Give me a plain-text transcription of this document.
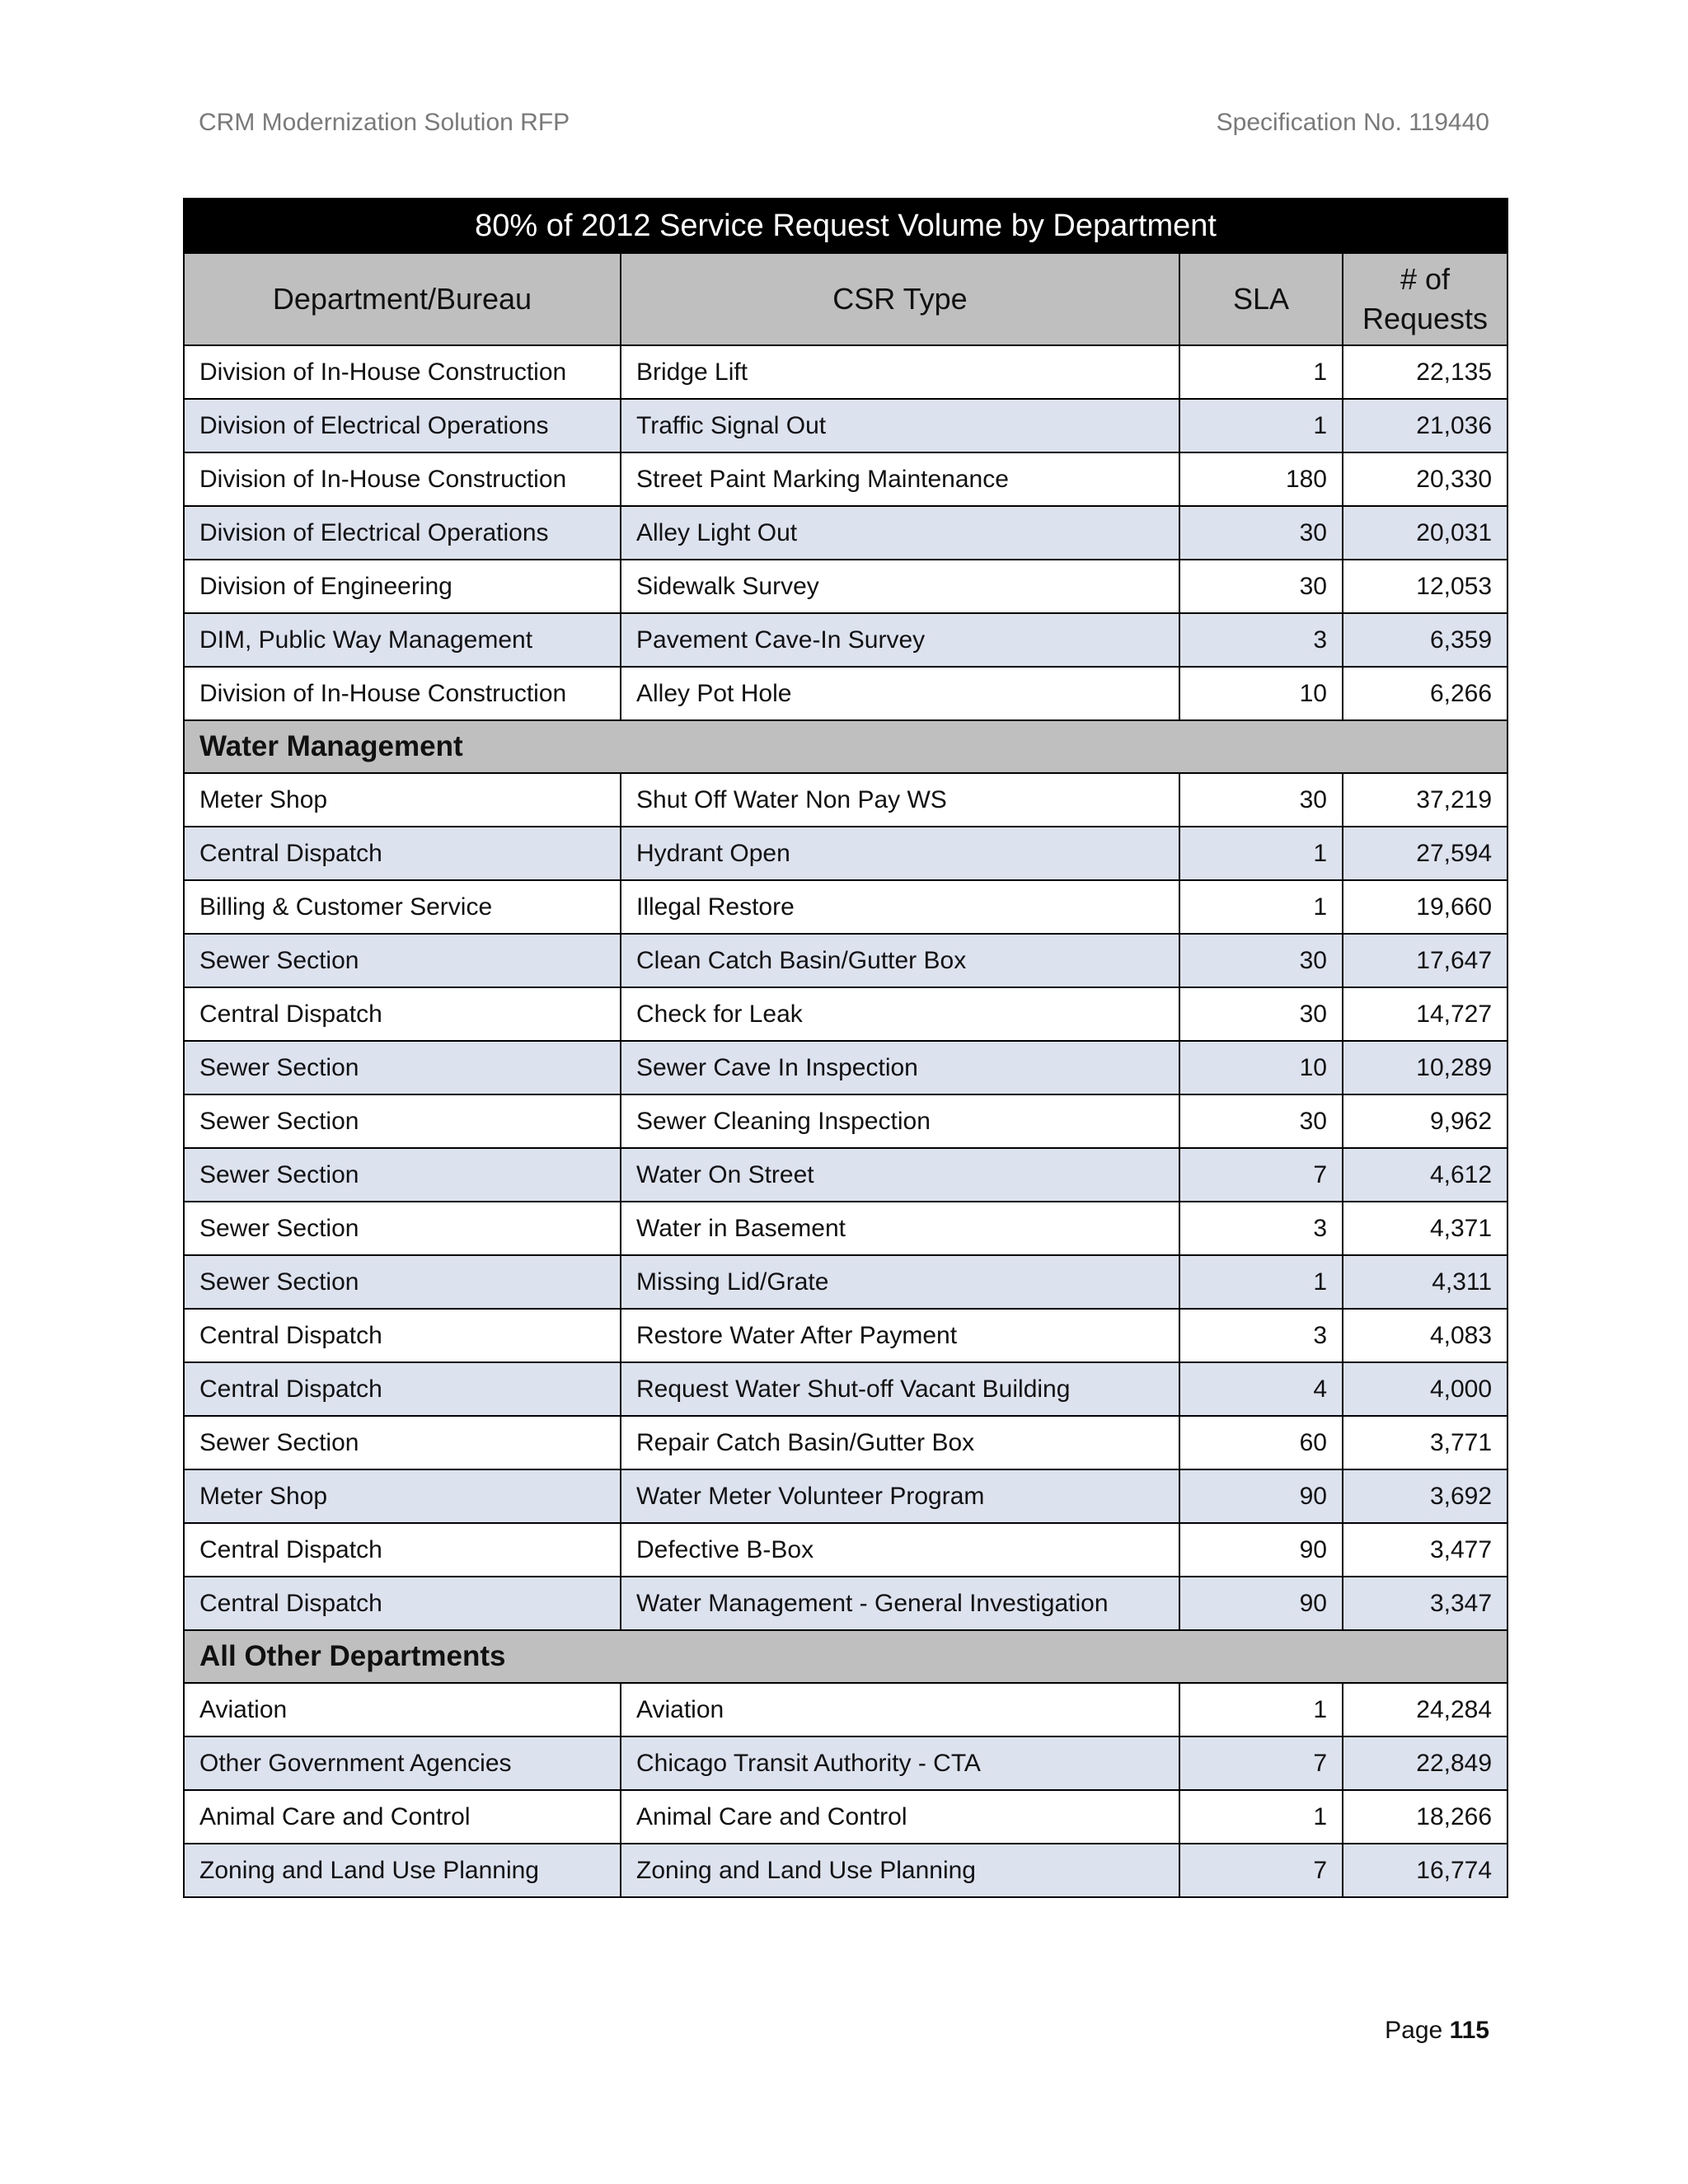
CRM Modernization Solution RFP	Specification No. 119440
80% of 2012 Service Request Volume by Department			
Department/Bureau	CSR Type	SLA	# of
Requests
Division of In-House Construction	Bridge Lift	1	22,135
Division of Electrical Operations	Traffic Signal Out	1	21,036
Division of In-House Construction	Street Paint Marking Maintenance	180	20,330
Division of Electrical Operations	Alley Light Out	30	20,031
Division of Engineering	Sidewalk Survey	30	12,053
DIM, Public Way Management	Pavement Cave-In Survey	3	6,359
Division of In-House Construction	Alley Pot Hole	10	6,266
Water Management			
Meter Shop	Shut Off Water Non Pay WS	30	37,219
Central Dispatch	Hydrant Open	1	27,594
Billing & Customer Service	Illegal Restore	1	19,660
Sewer Section	Clean Catch Basin/Gutter Box	30	17,647
Central Dispatch	Check for Leak	30	14,727
Sewer Section	Sewer Cave In Inspection	10	10,289
Sewer Section	Sewer Cleaning Inspection	30	9,962
Sewer Section	Water On Street	7	4,612
Sewer Section	Water in Basement	3	4,371
Sewer Section	Missing Lid/Grate	1	4,311
Central Dispatch	Restore Water After Payment	3	4,083
Central Dispatch	Request Water Shut-off Vacant Building	4	4,000
Sewer Section	Repair Catch Basin/Gutter Box	60	3,771
Meter Shop	Water Meter Volunteer Program	90	3,692
Central Dispatch	Defective B-Box	90	3,477
Central Dispatch	Water Management - General Investigation	90	3,347
All Other Departments			
Aviation	Aviation	1	24,284
Other Government Agencies	Chicago Transit Authority - CTA	7	22,849
Animal Care and Control	Animal Care and Control	1	18,266
Zoning and Land Use Planning	Zoning and Land Use Planning	7	16,774
Page 115
